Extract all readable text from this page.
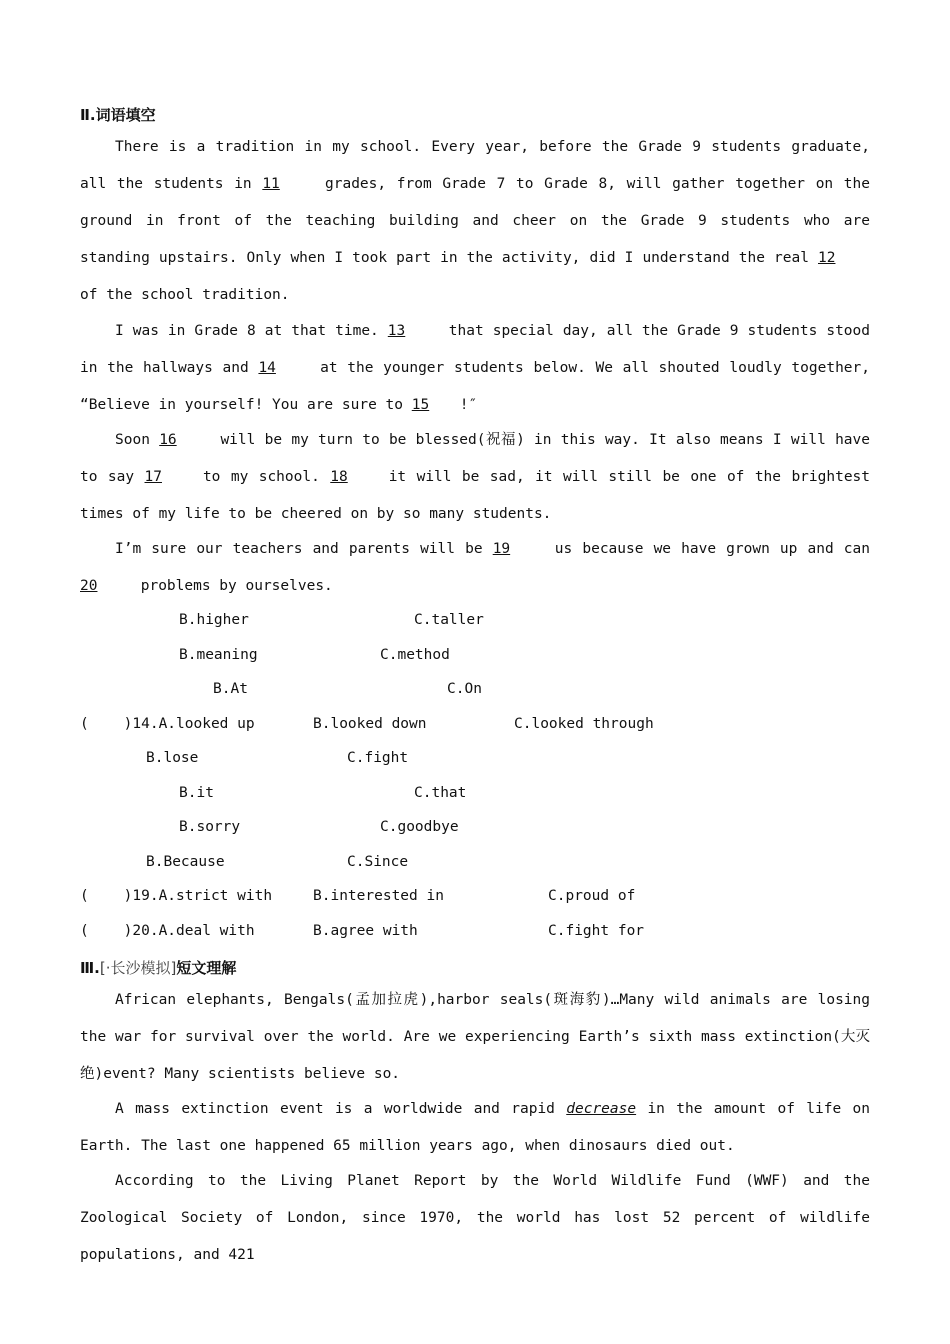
Ⅱ.词语填空
There is a tradition in my school. Every year, before the Grade 9 students graduate, all the students in 11	grades, from Grade 7 to Grade 8, will gather together on the ground in front of the teaching building and cheer on the Grade 9 students who are standing upstairs. Only when I took part in the activity, did I understand the real 12 of the school tradition.
I was in Grade 8 at that time. 13	that special day, all the Grade 9 students stood in the hallways and 14	at the younger students below. We all shouted loudly together, “Believe in yourself! You are sure to 15 !″
Soon 16	will be my turn to be blessed(祝福) in this way. It also means I will have to say 17	to my school. 18	it will be sad, it will still be one of the brightest times of my life to be cheered on by so many students.
I’m sure our teachers and parents will be 19	us because we have grown up and can 20	problems by ourselves.
B.higher	C.taller
B.meaning	C.method
B.At	C.On
(    )14.A.looked up	B.looked down	C.looked through
B.lose	C.fight
B.it	C.that
B.sorry	C.goodbye
B.Because	C.Since
(    )19.A.strict with	B.interested in	C.proud of
(    )20.A.deal with	B.agree with	C.fight for
Ⅲ.[·长沙模拟]短文理解
African elephants, Bengals(孟加拉虎),harbor seals(斑海豹)…Many wild animals are losing the war for survival over the world. Are we experiencing Earth’s sixth mass extinction(大灭绝)event? Many scientists believe so.
A mass extinction event is a worldwide and rapid decrease in the amount of life on Earth. The last one happened 65 million years ago, when dinosaurs died out.
According to the Living Planet Report by the World Wildlife Fund (WWF) and the Zoological Society of London, since 1970, the world has lost 52 percent of wildlife populations, and 421
